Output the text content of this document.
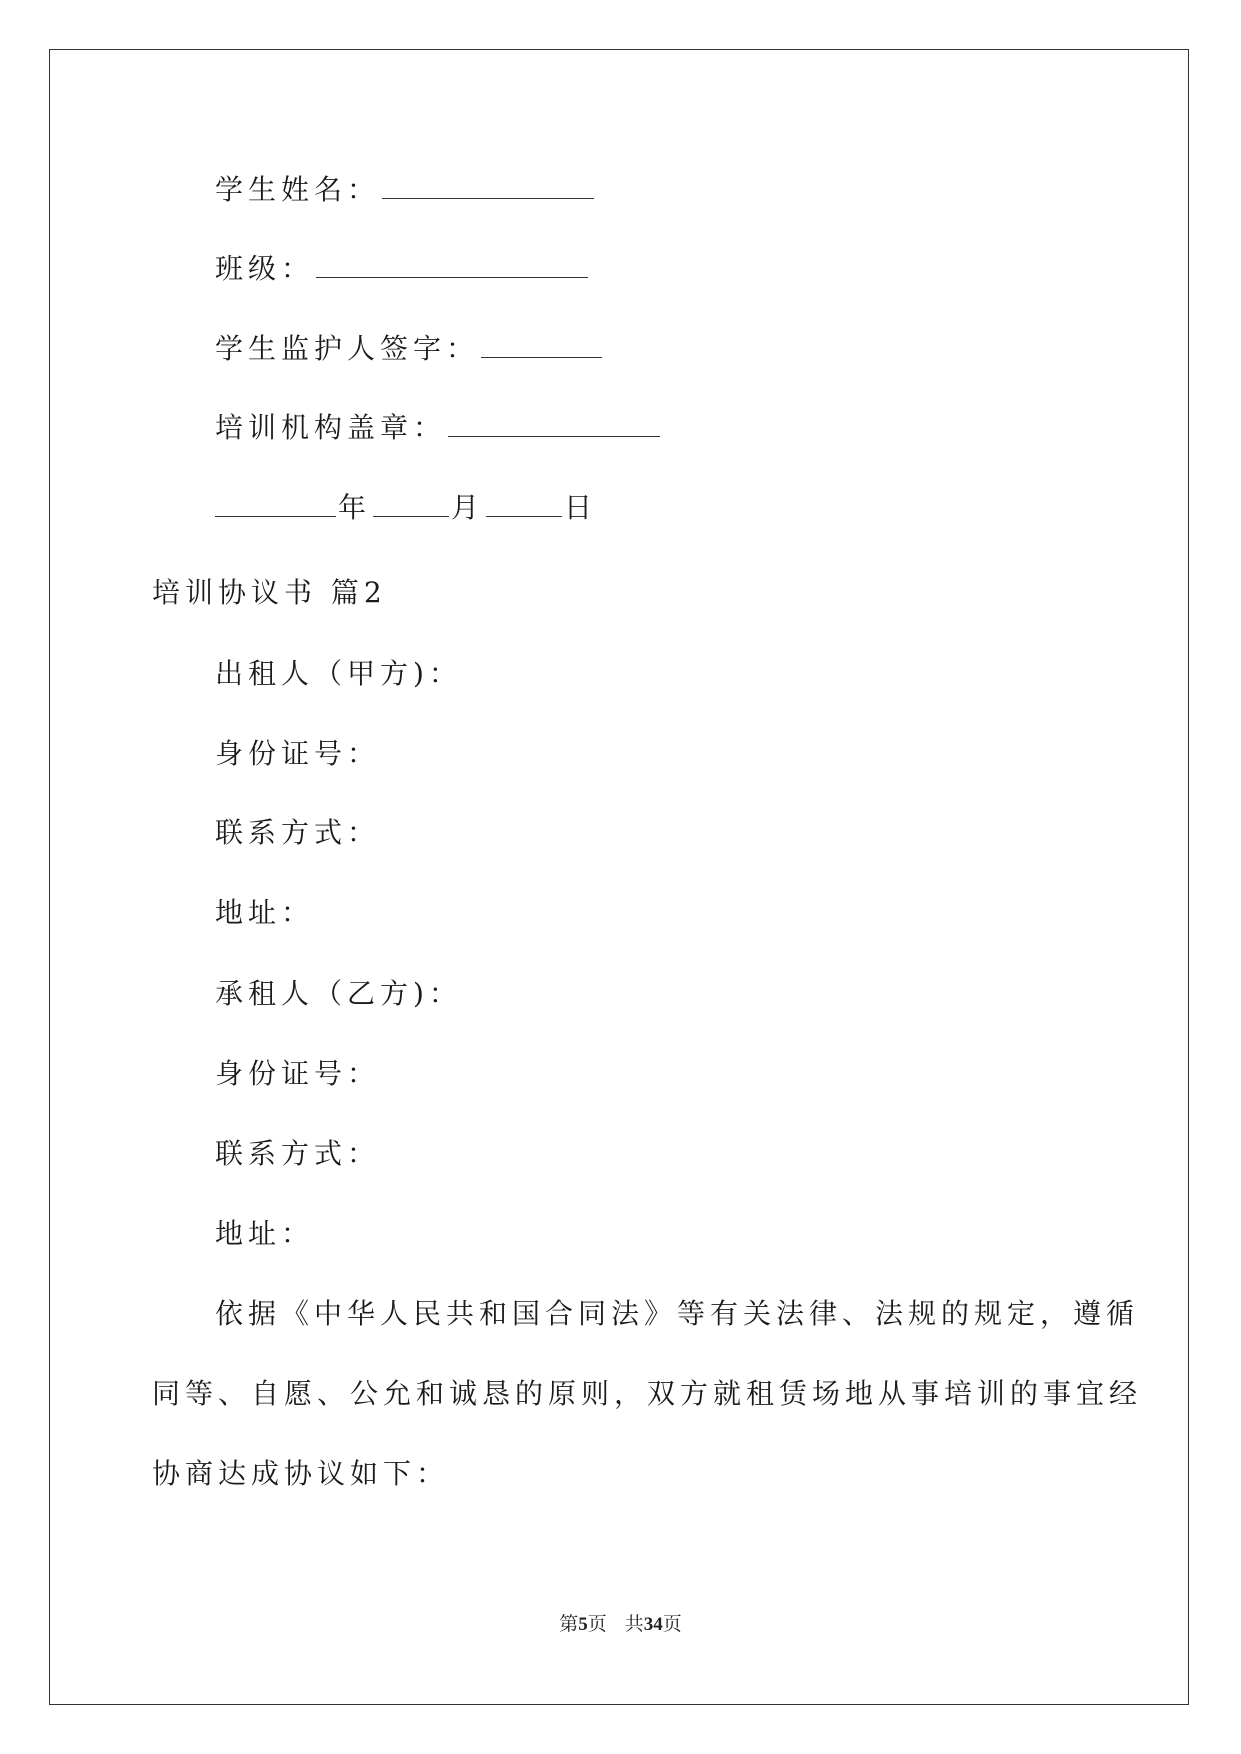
学生姓名：
班级：
学生监护人签字：
培训机构盖章：
年	月	日
培训协议书 篇2
出租人（甲方)：
身份证号：
联系方式：
地址：
承租人（乙方)：
身份证号：
联系方式：
地址：
依据《中华人民共和国合同法》等有关法律、法规的规定，遵循
同等、自愿、公允和诚恳的原则，双方就租赁场地从事培训的事宜经
协商达成协议如下：
第5页 共34页
